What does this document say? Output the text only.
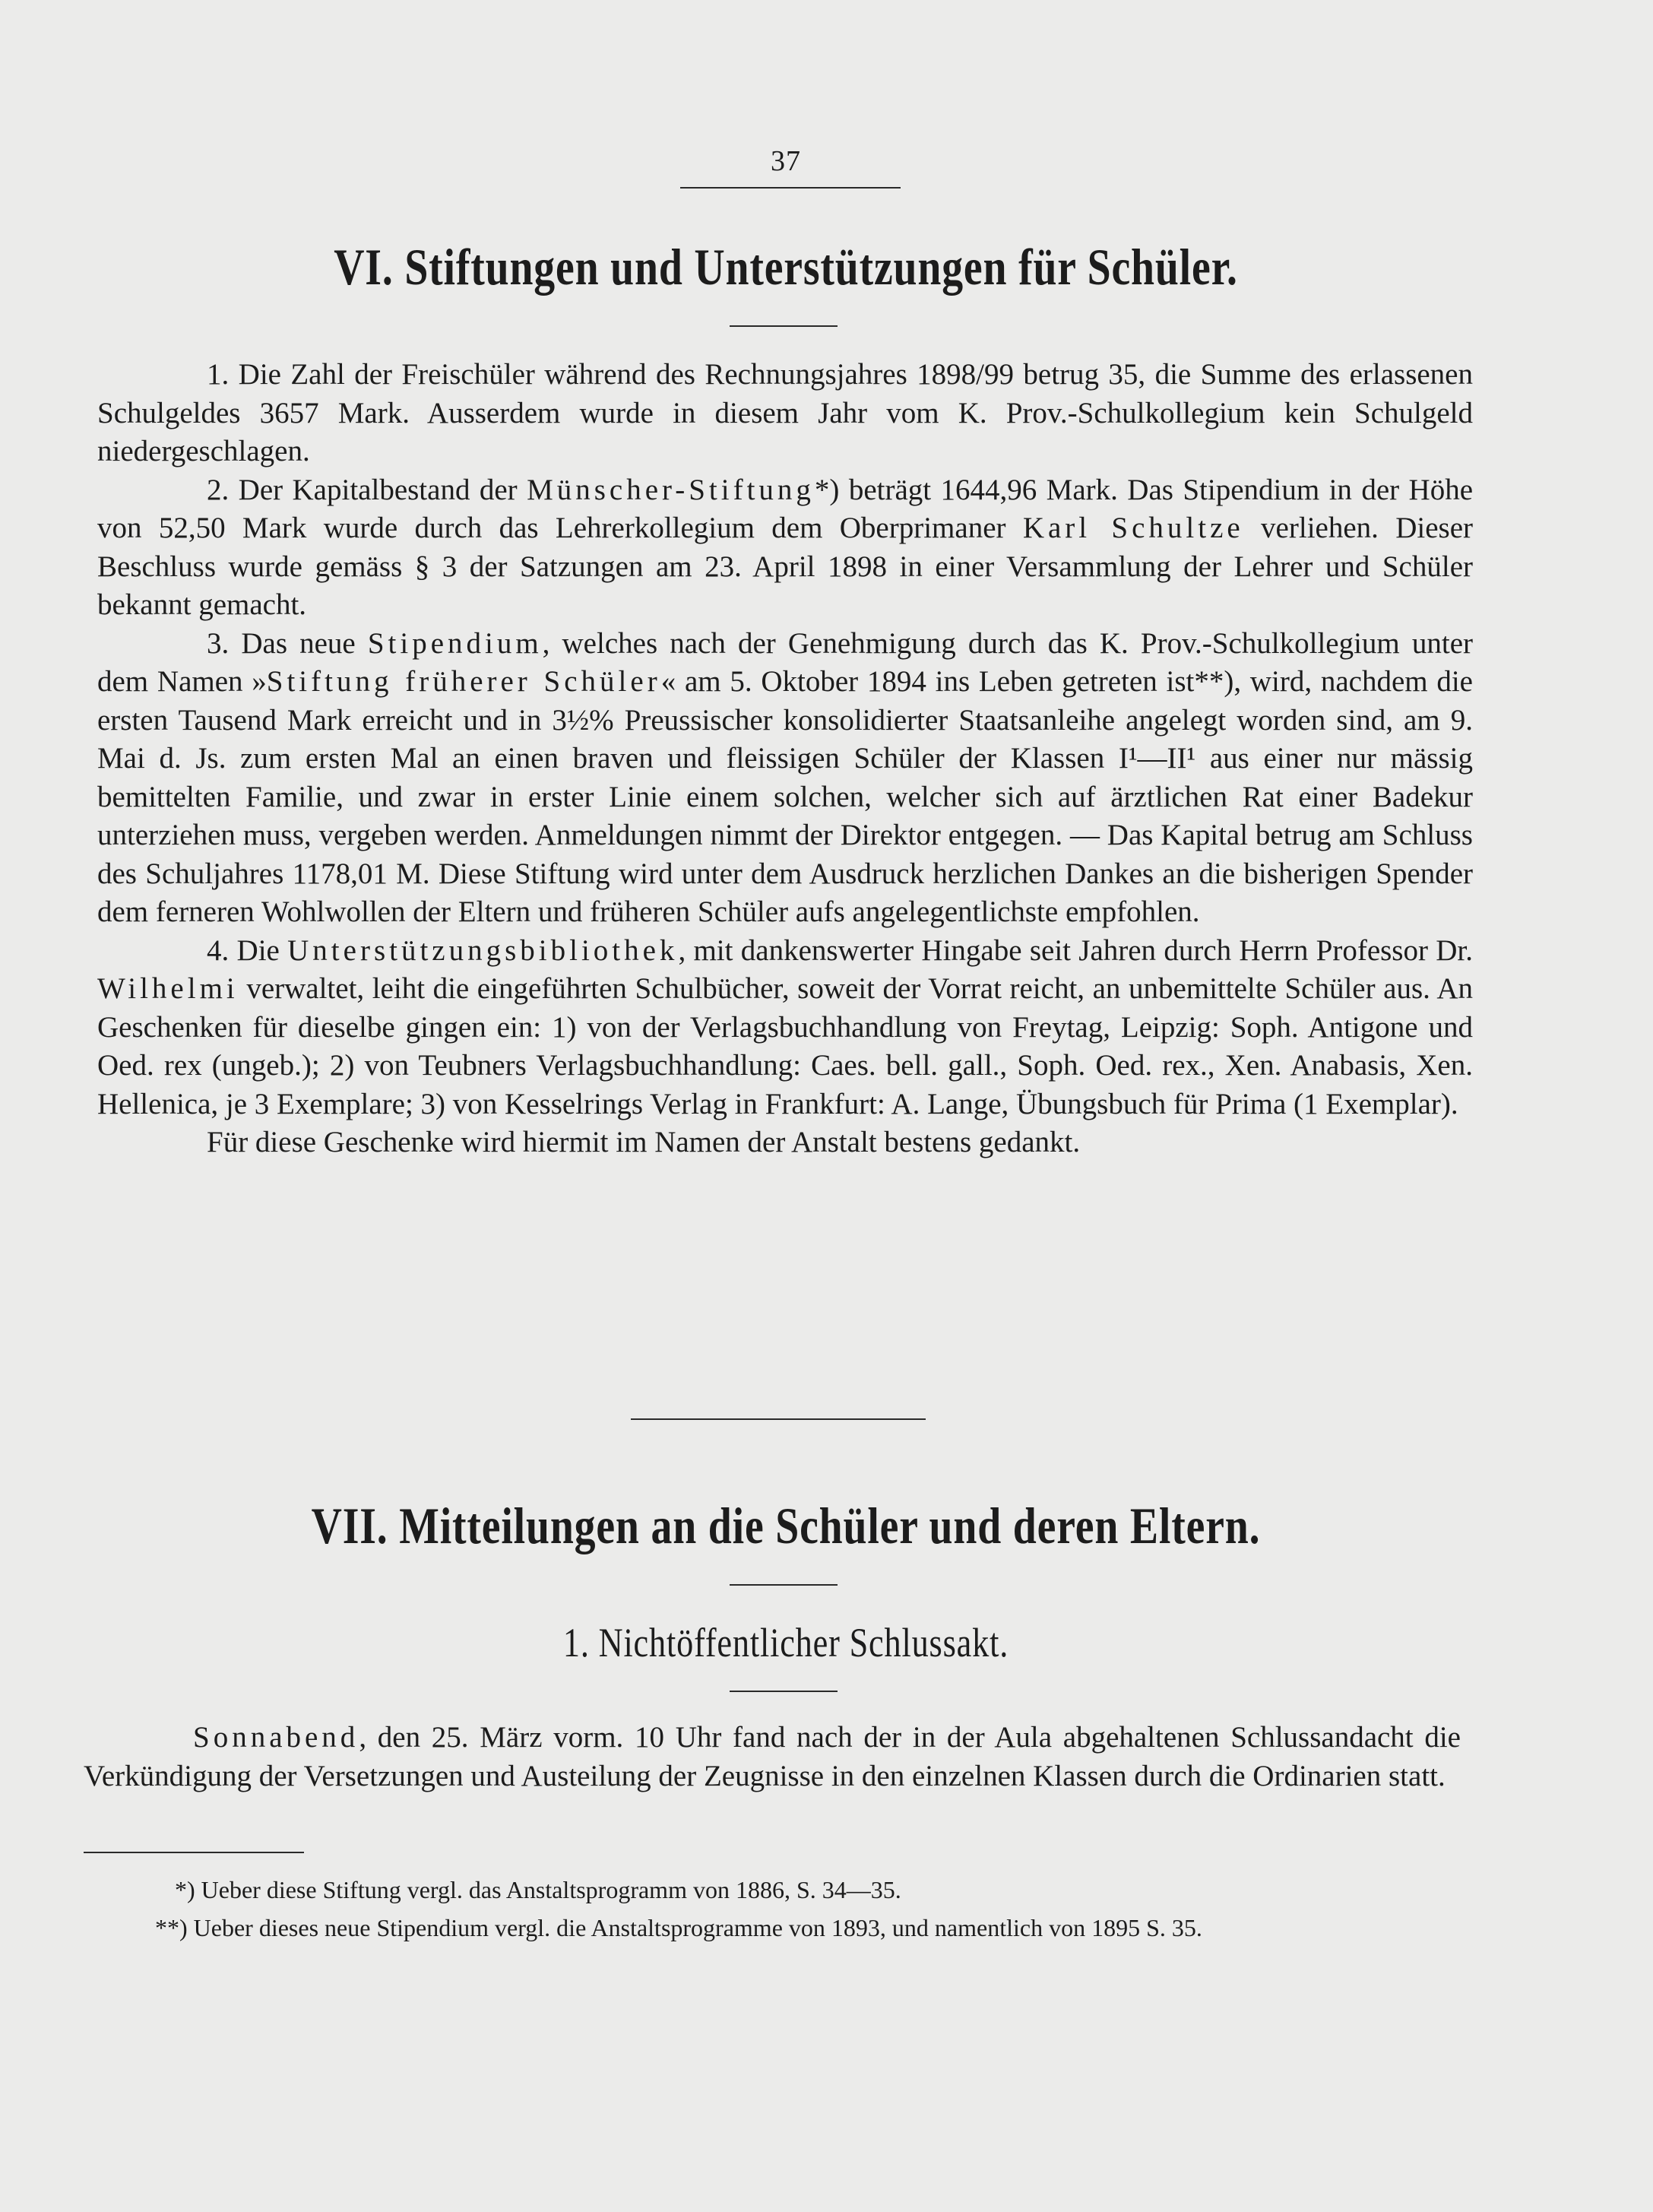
37
VI. Stiftungen und Unterstützungen für Schüler.

1. Die Zahl der Freischüler während des Rechnungsjahres 1898/99 betrug 35, die Summe des erlassenen Schulgeldes 3657 Mark. Ausserdem wurde in diesem Jahr vom K. Prov.-Schulkollegium kein Schulgeld niedergeschlagen.

2. Der Kapitalbestand der Münscher-Stiftung*) beträgt 1644,96 Mark. Das Stipendium in der Höhe von 52,50 Mark wurde durch das Lehrerkollegium dem Oberprimaner Karl Schultze verliehen. Dieser Beschluss wurde gemäss § 3 der Satzungen am 23. April 1898 in einer Versammlung der Lehrer und Schüler bekannt gemacht.

3. Das neue Stipendium, welches nach der Genehmigung durch das K. Prov.-Schulkollegium unter dem Namen »Stiftung früherer Schüler« am 5. Oktober 1894 ins Leben getreten ist**), wird, nachdem die ersten Tausend Mark erreicht und in 3½% Preussischer konsolidierter Staatsanleihe angelegt worden sind, am 9. Mai d. Js. zum ersten Mal an einen braven und fleissigen Schüler der Klassen I¹—II¹ aus einer nur mässig bemittelten Familie, und zwar in erster Linie einem solchen, welcher sich auf ärztlichen Rat einer Badekur unterziehen muss, vergeben werden. Anmeldungen nimmt der Direktor entgegen. — Das Kapital betrug am Schluss des Schuljahres 1178,01 M. Diese Stiftung wird unter dem Ausdruck herzlichen Dankes an die bisherigen Spender dem ferneren Wohlwollen der Eltern und früheren Schüler aufs angelegentlichste empfohlen.

4. Die Unterstützungsbibliothek, mit dankenswerter Hingabe seit Jahren durch Herrn Professor Dr. Wilhelmi verwaltet, leiht die eingeführten Schulbücher, soweit der Vorrat reicht, an unbemittelte Schüler aus. An Geschenken für dieselbe gingen ein: 1) von der Verlagsbuchhandlung von Freytag, Leipzig: Soph. Antigone und Oed. rex (ungeb.); 2) von Teubners Verlagsbuchhandlung: Caes. bell. gall., Soph. Oed. rex., Xen. Anabasis, Xen. Hellenica, je 3 Exemplare; 3) von Kesselrings Verlag in Frankfurt: A. Lange, Übungsbuch für Prima (1 Exemplar).

Für diese Geschenke wird hiermit im Namen der Anstalt bestens gedankt.

VII. Mitteilungen an die Schüler und deren Eltern.
1. Nichtöffentlicher Schlussakt.

Sonnabend, den 25. März vorm. 10 Uhr fand nach der in der Aula abgehaltenen Schlussandacht die Verkündigung der Versetzungen und Austeilung der Zeugnisse in den einzelnen Klassen durch die Ordinarien statt.

*) Ueber diese Stiftung vergl. das Anstaltsprogramm von 1886, S. 34—35.
**) Ueber dieses neue Stipendium vergl. die Anstaltsprogramme von 1893, und namentlich von 1895 S. 35.
